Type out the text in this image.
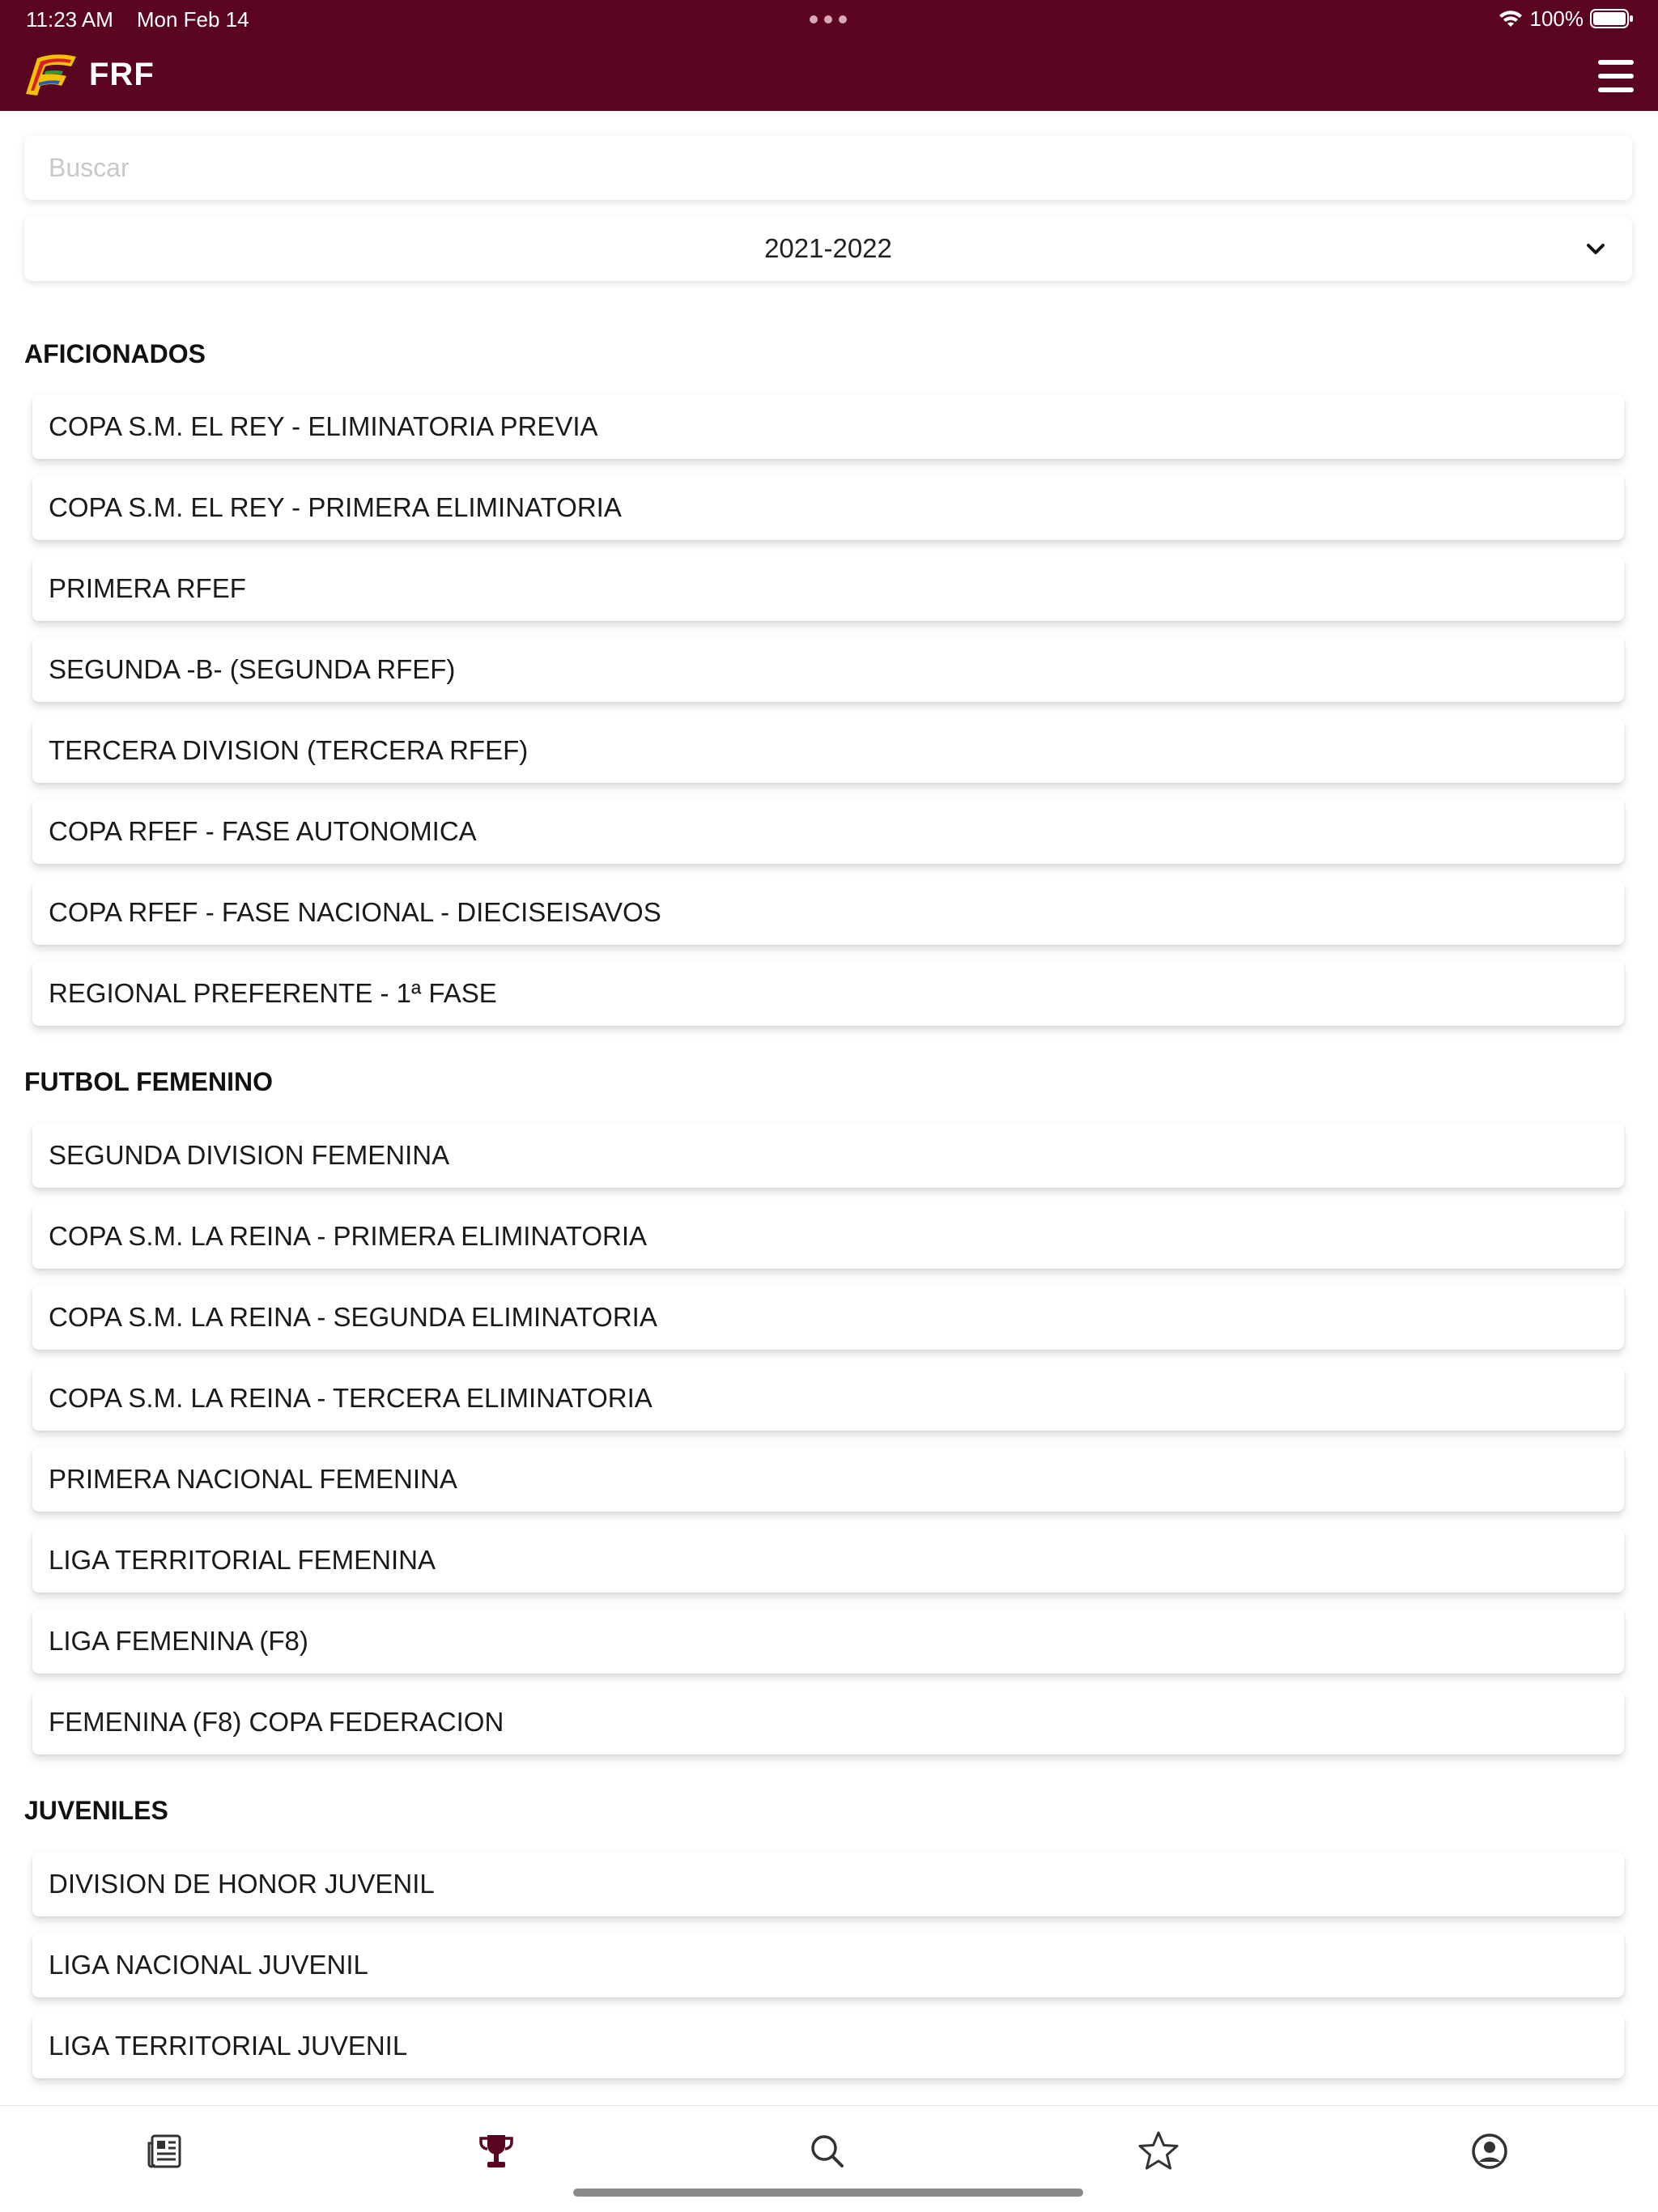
11:23 AM Mon Feb 14	100%
FRF
Buscar
2021-2022
AFICIONADOS
COPA S.M. EL REY - ELIMINATORIA PREVIA
COPA S.M. EL REY - PRIMERA ELIMINATORIA
PRIMERA RFEF
SEGUNDA -B- (SEGUNDA RFEF)
TERCERA DIVISION (TERCERA RFEF)
COPA RFEF - FASE AUTONOMICA
COPA RFEF - FASE NACIONAL - DIECISEISAVOS
REGIONAL PREFERENTE - 1ª FASE
FUTBOL FEMENINO
SEGUNDA DIVISION FEMENINA
COPA S.M. LA REINA - PRIMERA ELIMINATORIA
COPA S.M. LA REINA - SEGUNDA ELIMINATORIA
COPA S.M. LA REINA - TERCERA ELIMINATORIA
PRIMERA NACIONAL FEMENINA
LIGA TERRITORIAL FEMENINA
LIGA FEMENINA (F8)
FEMENINA (F8) COPA FEDERACION
JUVENILES
DIVISION DE HONOR JUVENIL
LIGA NACIONAL JUVENIL
LIGA TERRITORIAL JUVENIL
